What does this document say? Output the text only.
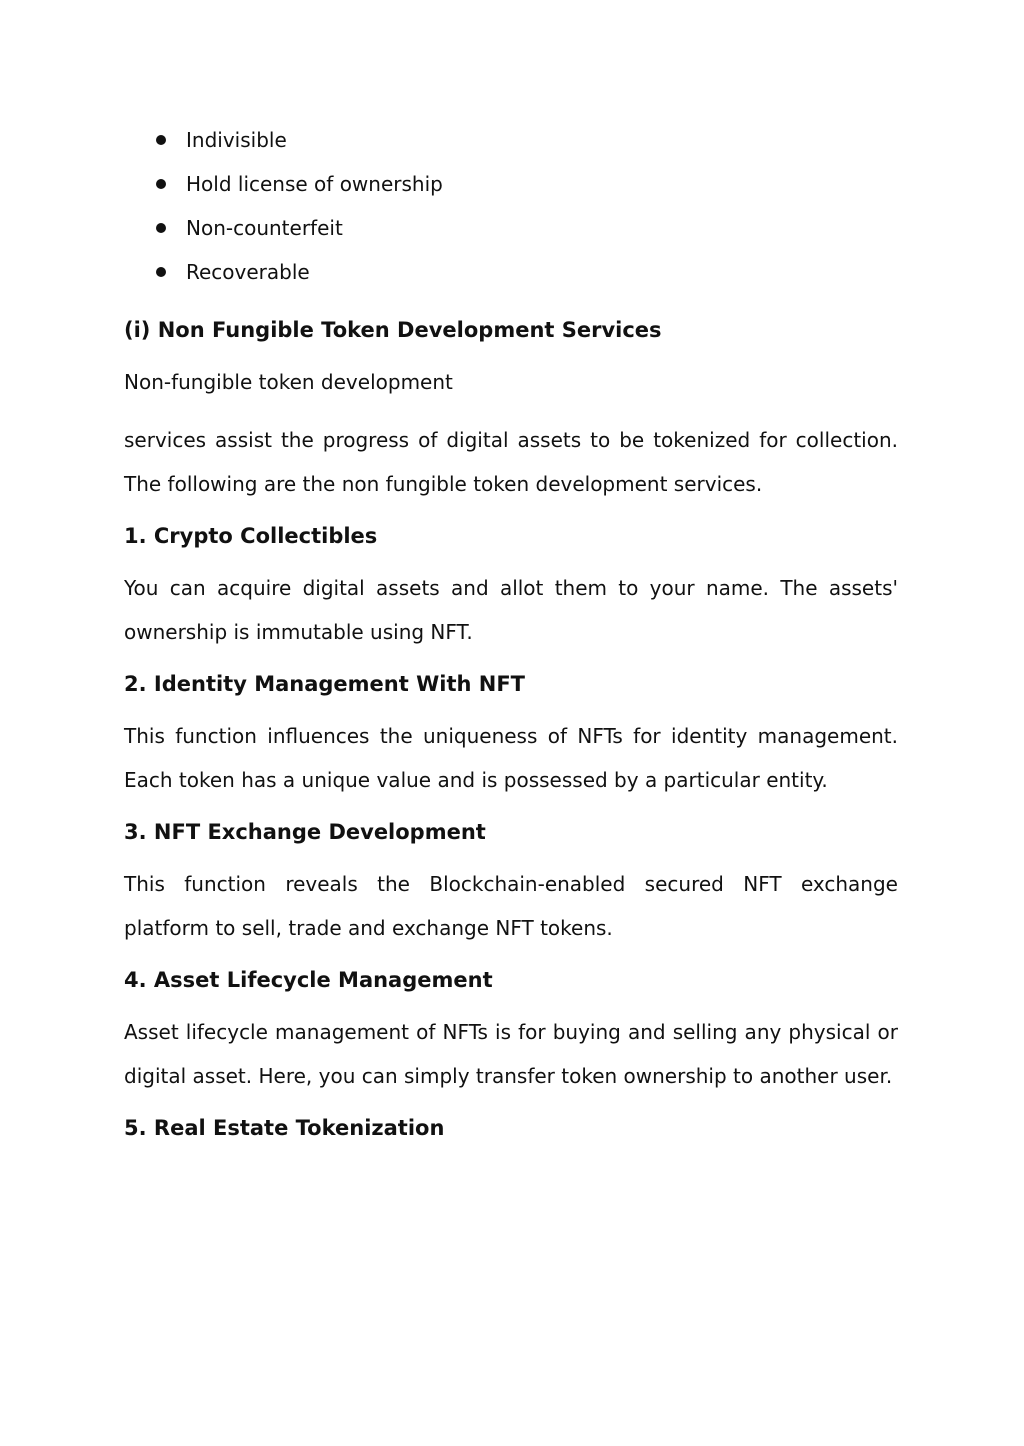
Indivisible
Hold license of ownership
Non-counterfeit
Recoverable
(i) Non Fungible Token Development Services

Non-fungible token development

services assist the progress of digital assets to be tokenized for collection. The following are the non fungible token development services.

1. Crypto Collectibles

You can acquire digital assets and allot them to your name. The assets' ownership is immutable using NFT.

2. Identity Management With NFT

This function influences the uniqueness of NFTs for identity management. Each token has a unique value and is possessed by a particular entity.

3. NFT Exchange Development

This function reveals the Blockchain-enabled secured NFT exchange platform to sell, trade and exchange NFT tokens.

4. Asset Lifecycle Management

Asset lifecycle management of NFTs is for buying and selling any physical or digital asset. Here, you can simply transfer token ownership to another user.

5. Real Estate Tokenization
